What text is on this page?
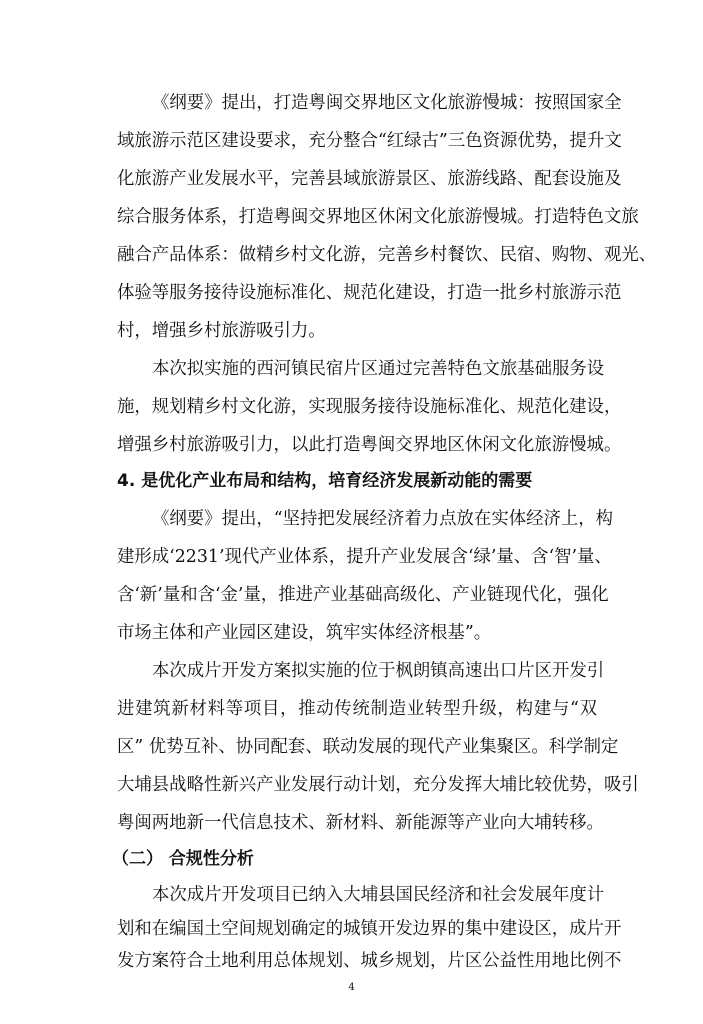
《纲要》提出，打造粤闽交界地区文化旅游慢城：按照国家全
域旅游示范区建设要求，充分整合“红绿古”三色资源优势，提升文
化旅游产业发展水平，完善县域旅游景区、旅游线路、配套设施及
综合服务体系，打造粤闽交界地区休闲文化旅游慢城。打造特色文旅
融合产品体系：做精乡村文化游，完善乡村餐饮、民宿、购物、观光、
体验等服务接待设施标准化、规范化建设，打造一批乡村旅游示范
村，增强乡村旅游吸引力。
本次拟实施的西河镇民宿片区通过完善特色文旅基础服务设
施，规划精乡村文化游，实现服务接待设施标准化、规范化建设，
增强乡村旅游吸引力，以此打造粤闽交界地区休闲文化旅游慢城。
4. 是优化产业布局和结构，培育经济发展新动能的需要
《纲要》提出，“坚持把发展经济着力点放在实体经济上，构
建形成‘2231’现代产业体系，提升产业发展含‘绿’量、含‘智’量、
含‘新’量和含‘金’量，推进产业基础高级化、产业链现代化，强化
市场主体和产业园区建设，筑牢实体经济根基”。
本次成片开发方案拟实施的位于枫朗镇高速出口片区开发引
进建筑新材料等项目，推动传统制造业转型升级，构建与“双
区” 优势互补、协同配套、联动发展的现代产业集聚区。科学制定
大埔县战略性新兴产业发展行动计划，充分发挥大埔比较优势，吸引
粤闽两地新一代信息技术、新材料、新能源等产业向大埔转移。
（二） 合规性分析
本次成片开发项目已纳入大埔县国民经济和社会发展年度计
划和在编国土空间规划确定的城镇开发边界的集中建设区，成片开
发方案符合土地利用总体规划、城乡规划，片区公益性用地比例不
4
